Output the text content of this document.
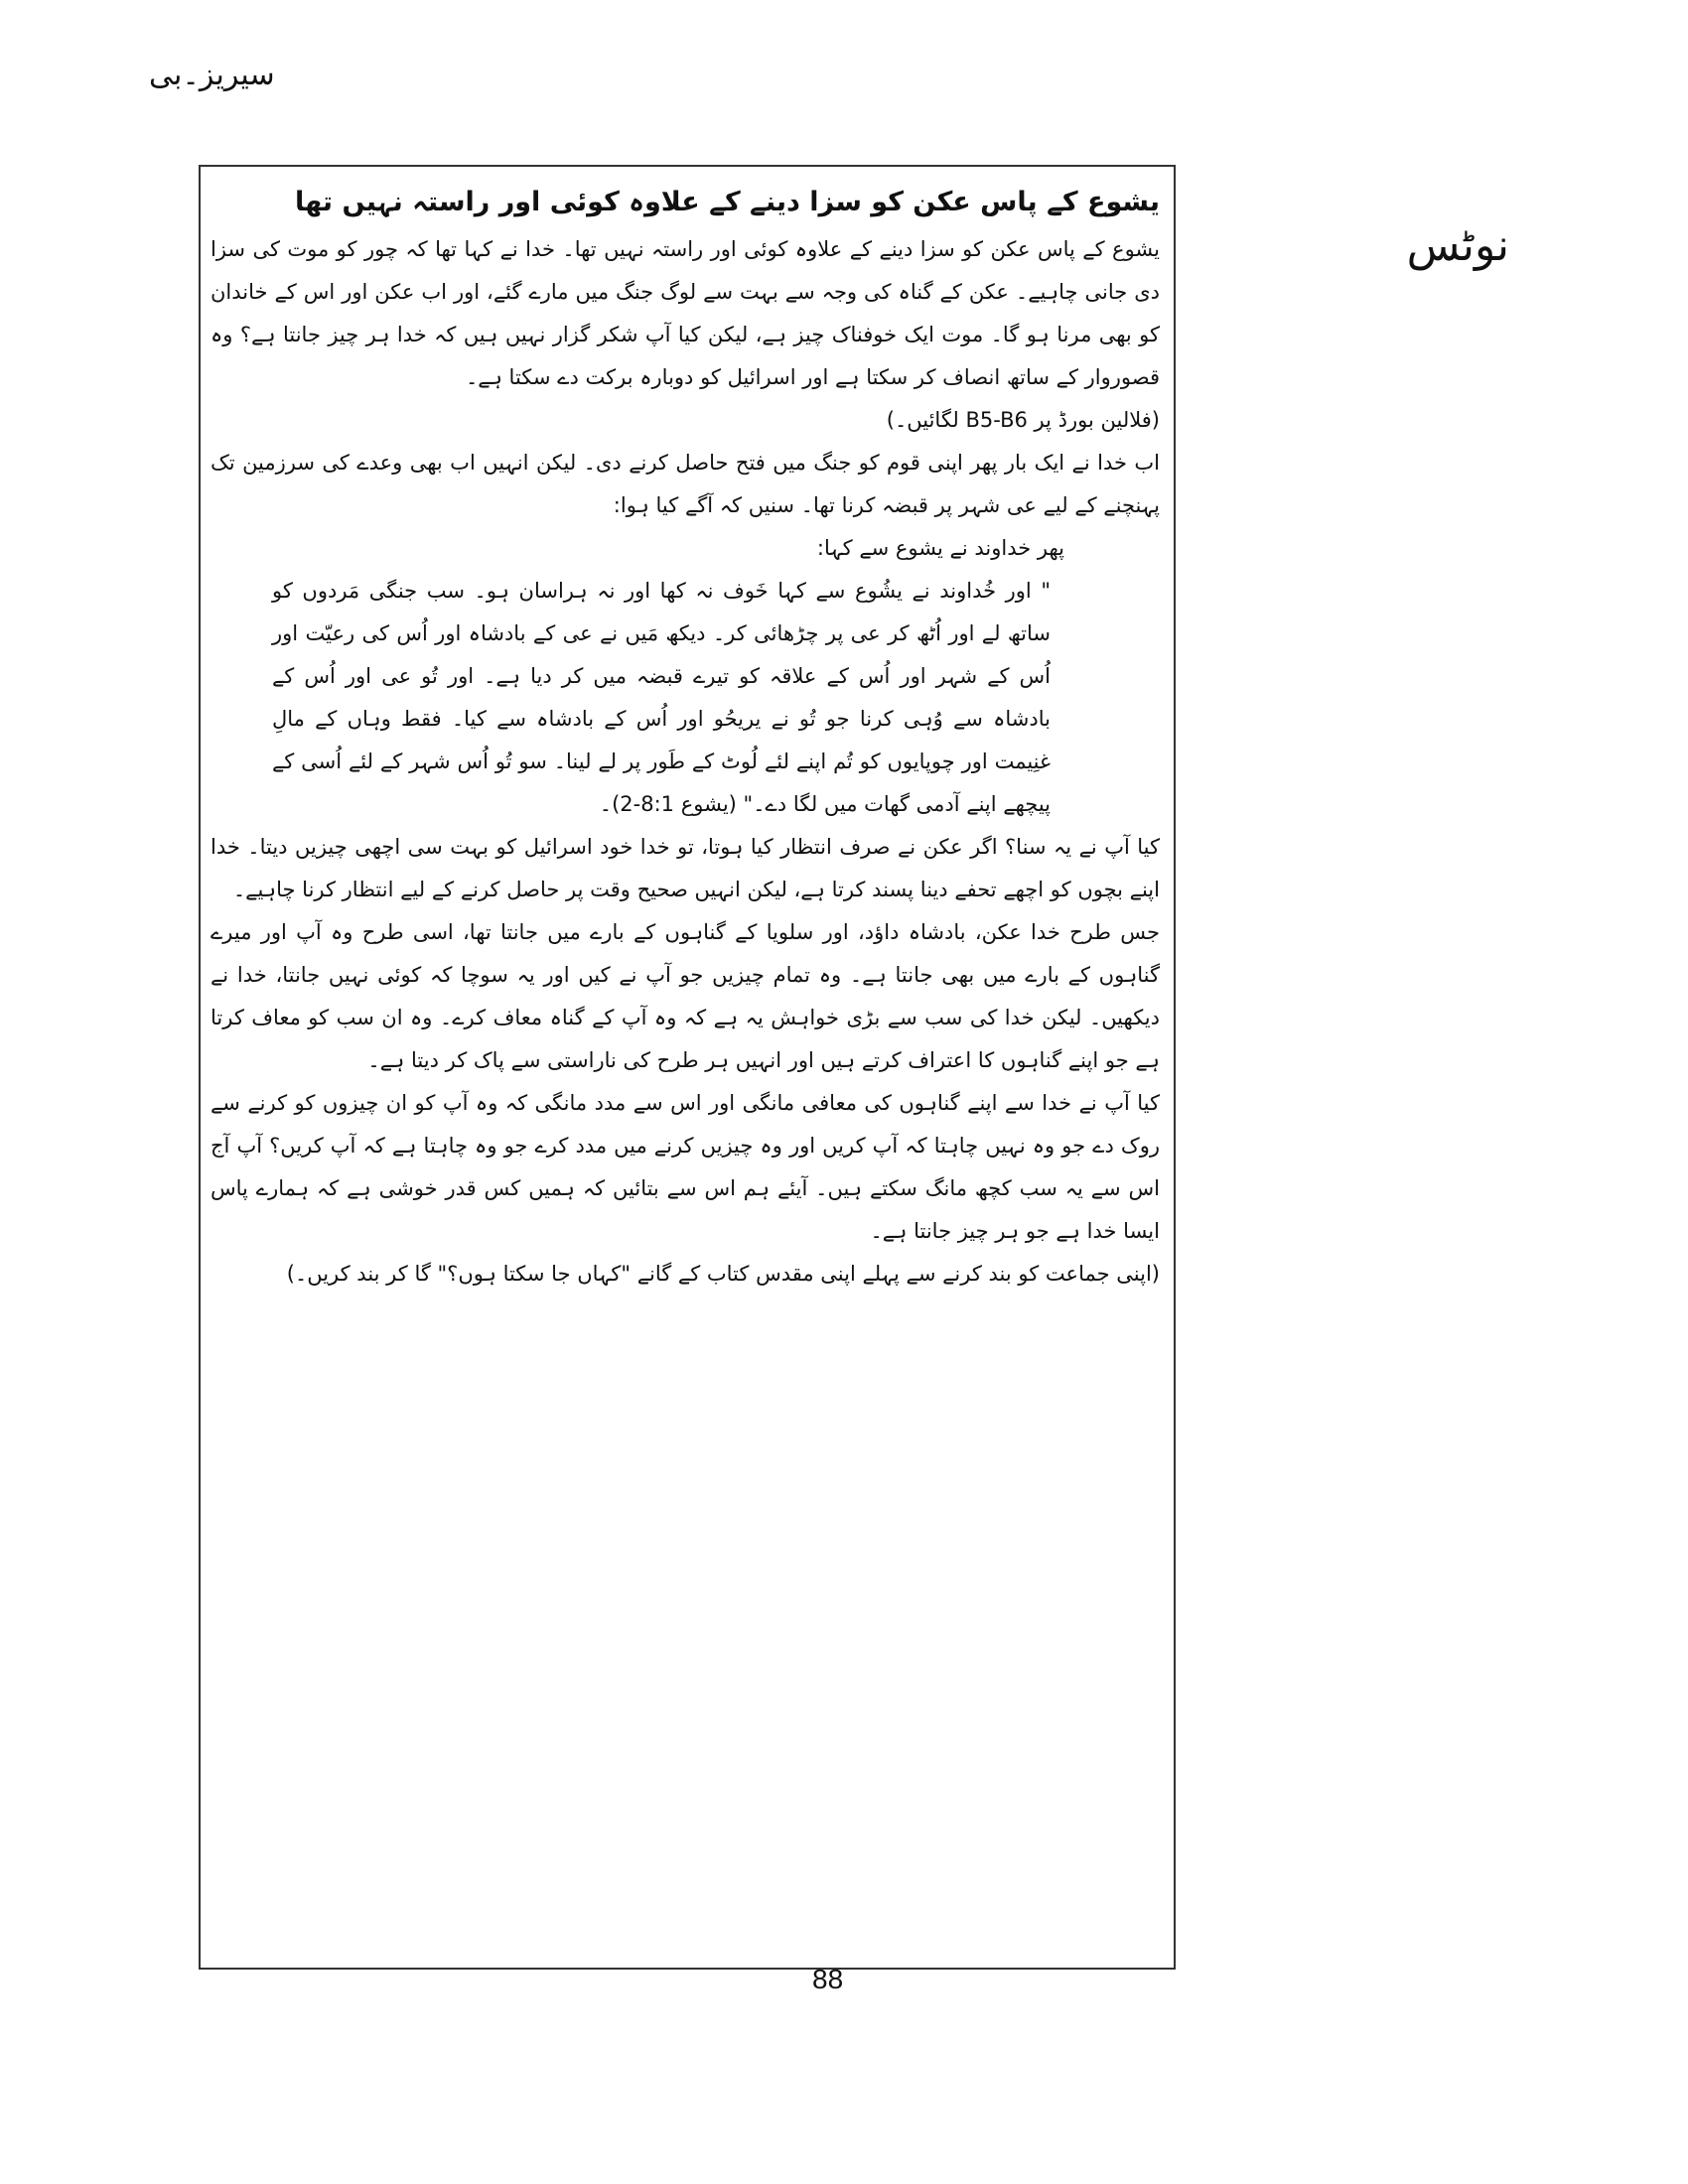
سیریز۔بی
نوٹس

یشوع کے پاس عکن کو سزا دینے کے علاوہ کوئی اور راستہ نہیں تھا

یشوع کے پاس عکن کو سزا دینے کے علاوہ کوئی اور راستہ نہیں تھا۔ خدا نے کہا تھا کہ چور کو موت کی سزا دی جانی چاہیے۔ عکن کے گناہ کی وجہ سے بہت سے لوگ جنگ میں مارے گئے، اور اب عکن اور اس کے خاندان کو بھی مرنا ہو گا۔ موت ایک خوفناک چیز ہے، لیکن کیا آپ شکر گزار نہیں ہیں کہ خدا ہر چیز جانتا ہے؟ وہ قصوروار کے ساتھ انصاف کر سکتا ہے اور اسرائیل کو دوبارہ برکت دے سکتا ہے۔

(فلالین بورڈ پر B5-B6 لگائیں۔)

اب خدا نے ایک بار پھر اپنی قوم کو جنگ میں فتح حاصل کرنے دی۔ لیکن انہیں اب بھی وعدے کی سرزمین تک پہنچنے کے لیے عی شہر پر قبضہ کرنا تھا۔ سنیں کہ آگے کیا ہوا:

پھر خداوند نے یشوع سے کہا:

" اور خُداوند نے یشُوع سے کہا خَوف نہ کھا اور نہ ہراسان ہو۔ سب جنگی مَردوں کو ساتھ لے اور اُٹھ کر عی پر چڑھائی کر۔ دیکھ مَیں نے عی کے بادشاہ اور اُس کی رعیّت اور اُس کے شہر اور اُس کے علاقہ کو تیرے قبضہ میں کر دیا ہے۔ اور تُو عی اور اُس کے بادشاہ سے وُہی کرنا جو تُو نے یریحُو اور اُس کے بادشاہ سے کیا۔ فقط وہاں کے مالِ غنِیمت اور چوپایوں کو تُم اپنے لئے لُوٹ کے طَور پر لے لینا۔ سو تُو اُس شہر کے لئے اُسی کے پیچھے اپنے آدمی گھات میں لگا دے۔" (یشوع 8:1-2)۔

کیا آپ نے یہ سنا؟ اگر عکن نے صرف انتظار کیا ہوتا، تو خدا خود اسرائیل کو بہت سی اچھی چیزیں دیتا۔ خدا اپنے بچوں کو اچھے تحفے دینا پسند کرتا ہے، لیکن انہیں صحیح وقت پر حاصل کرنے کے لیے انتظار کرنا چاہیے۔

جس طرح خدا عکن، بادشاہ داؤد، اور سلویا کے گناہوں کے بارے میں جانتا تھا، اسی طرح وہ آپ اور میرے گناہوں کے بارے میں بھی جانتا ہے۔ وہ تمام چیزیں جو آپ نے کیں اور یہ سوچا کہ کوئی نہیں جانتا، خدا نے دیکھیں۔ لیکن خدا کی سب سے بڑی خواہش یہ ہے کہ وہ آپ کے گناہ معاف کرے۔ وہ ان سب کو معاف کرتا ہے جو اپنے گناہوں کا اعتراف کرتے ہیں اور انہیں ہر طرح کی ناراستی سے پاک کر دیتا ہے۔

کیا آپ نے خدا سے اپنے گناہوں کی معافی مانگی اور اس سے مدد مانگی کہ وہ آپ کو ان چیزوں کو کرنے سے روک دے جو وہ نہیں چاہتا کہ آپ کریں اور وہ چیزیں کرنے میں مدد کرے جو وہ چاہتا ہے کہ آپ کریں؟ آپ آج اس سے یہ سب کچھ مانگ سکتے ہیں۔ آیئے ہم اس سے بتائیں کہ ہمیں کس قدر خوشی ہے کہ ہمارے پاس ایسا خدا ہے جو ہر چیز جانتا ہے۔

(اپنی جماعت کو بند کرنے سے پہلے اپنی مقدس کتاب کے گانے "کہاں جا سکتا ہوں؟" گا کر بند کریں۔)

88
